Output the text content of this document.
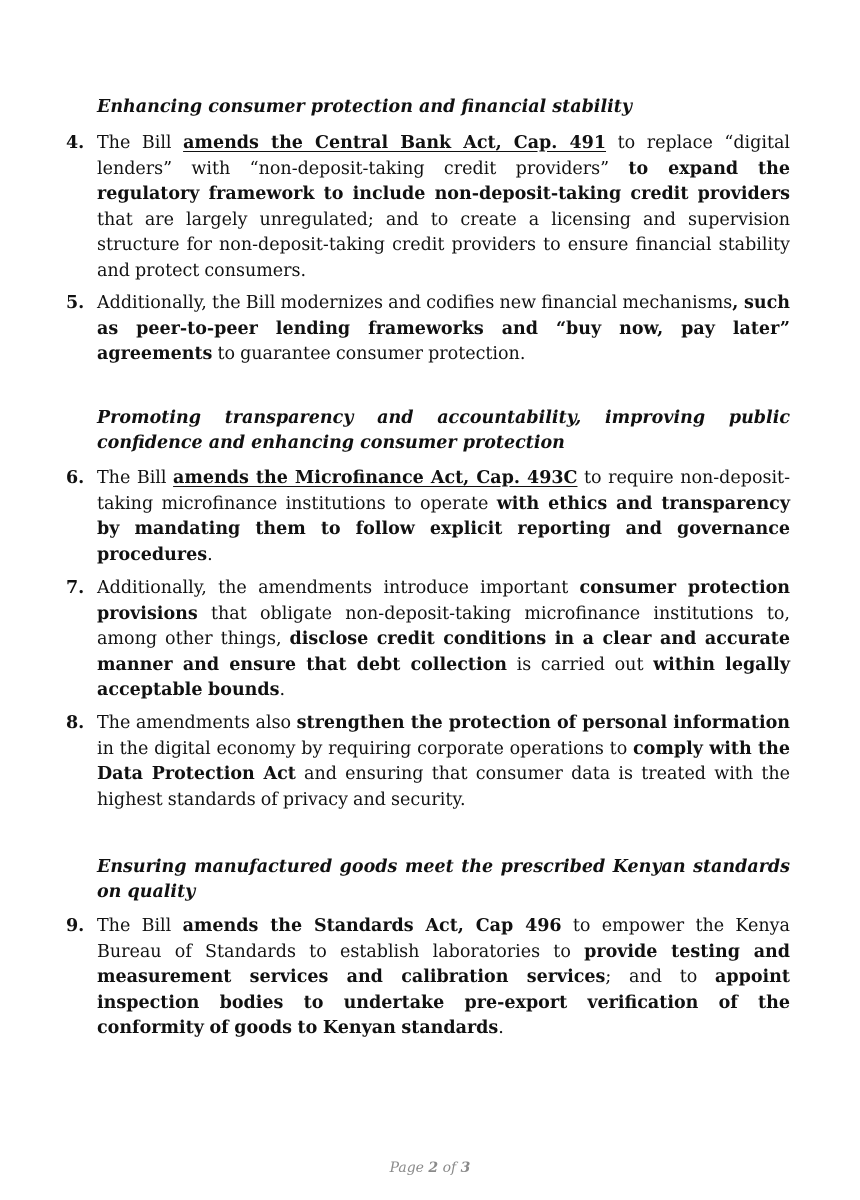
Enhancing consumer protection and financial stability

4. The Bill amends the Central Bank Act, Cap. 491 to replace “digital lenders” with “non-deposit-taking credit providers” to expand the regulatory framework to include non-deposit-taking credit providers that are largely unregulated; and to create a licensing and supervision structure for non-deposit-taking credit providers to ensure financial stability and protect consumers.
5. Additionally, the Bill modernizes and codifies new financial mechanisms, such as peer-to-peer lending frameworks and “buy now, pay later” agreements to guarantee consumer protection.

Promoting transparency and accountability, improving public confidence and enhancing consumer protection

6. The Bill amends the Microfinance Act, Cap. 493C to require non-deposit-taking microfinance institutions to operate with ethics and transparency by mandating them to follow explicit reporting and governance procedures.
7. Additionally, the amendments introduce important consumer protection provisions that obligate non-deposit-taking microfinance institutions to, among other things, disclose credit conditions in a clear and accurate manner and ensure that debt collection is carried out within legally acceptable bounds.
8. The amendments also strengthen the protection of personal information in the digital economy by requiring corporate operations to comply with the Data Protection Act and ensuring that consumer data is treated with the highest standards of privacy and security.

Ensuring manufactured goods meet the prescribed Kenyan standards on quality

9. The Bill amends the Standards Act, Cap 496 to empower the Kenya Bureau of Standards to establish laboratories to provide testing and measurement services and calibration services; and to appoint inspection bodies to undertake pre-export verification of the conformity of goods to Kenyan standards.
Page 2 of 3
